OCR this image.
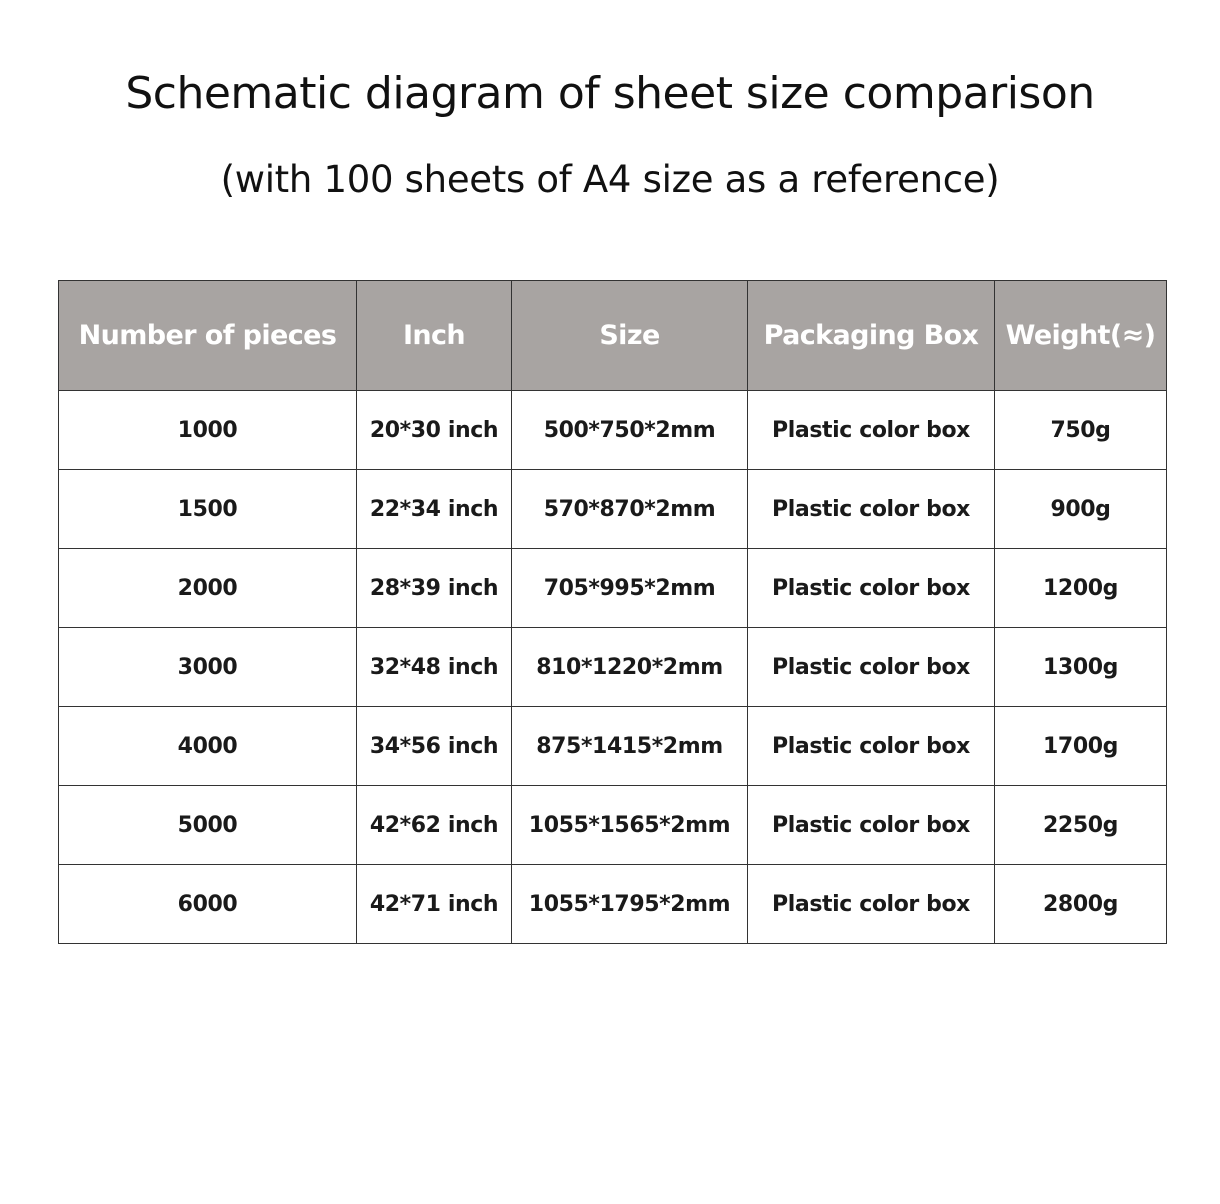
Schematic diagram of sheet size comparison
(with 100 sheets of A4 size as a reference)
Number of pieces	Inch	Size	Packaging Box	Weight(≈)
1000	20*30 inch	500*750*2mm	Plastic color box	750g
1500	22*34 inch	570*870*2mm	Plastic color box	900g
2000	28*39 inch	705*995*2mm	Plastic color box	1200g
3000	32*48 inch	810*1220*2mm	Plastic color box	1300g
4000	34*56 inch	875*1415*2mm	Plastic color box	1700g
5000	42*62 inch	1055*1565*2mm	Plastic color box	2250g
6000	42*71 inch	1055*1795*2mm	Plastic color box	2800g
